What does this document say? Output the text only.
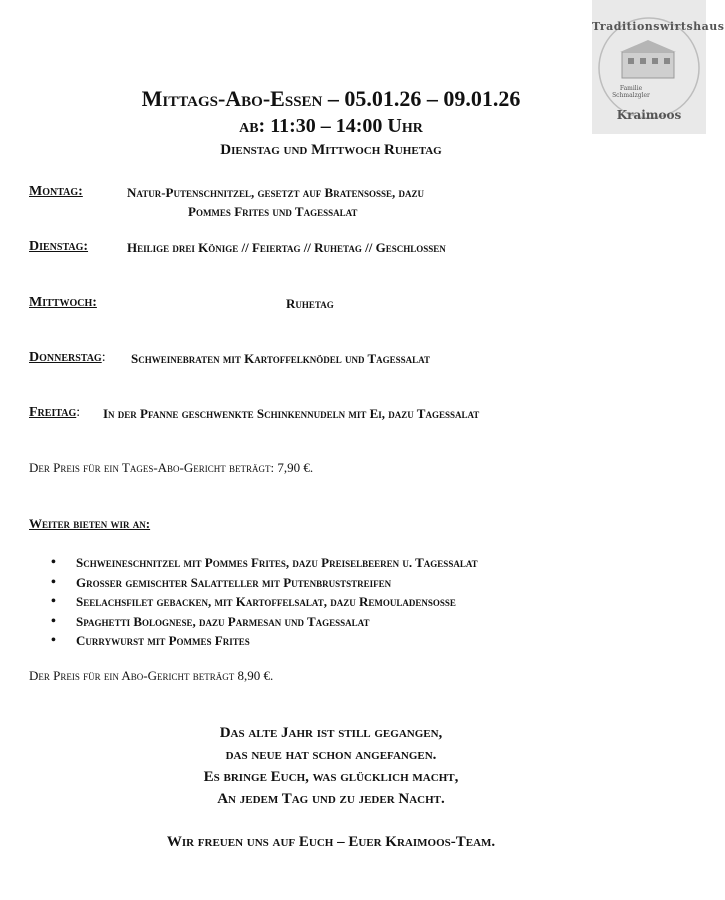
Traditionswirtshaus
Familie
Schmalzgler
Kraimoos
Mittags-Abo-Essen – 05.01.26 – 09.01.26
ab: 11:30 – 14:00 Uhr
Dienstag und Mittwoch Ruhetag
Montag:	Natur-Putenschnitzel, gesetzt auf Bratensoße, dazu
Pommes Frites und Tagessalat
Dienstag:	Heilige drei Könige // Feiertag // Ruhetag // Geschlossen
Mittwoch:	Ruhetag
Donnerstag: Schweinebraten mit Kartoffelknödel und Tagessalat
Freitag: In der Pfanne geschwenkte Schinkennudeln mit Ei, dazu Tagessalat
Der Preis für ein Tages-Abo-Gericht beträgt: 7,90 €.
Weiter bieten wir an:
• Schweineschnitzel mit Pommes Frites, dazu Preiselbeeren u. Tagessalat
• Großer gemischter Salatteller mit Putenbruststreifen
• Seelachsfilet gebacken, mit Kartoffelsalat, dazu Remouladensoße
• Spaghetti Bolognese, dazu Parmesan und Tagessalat
• Currywurst mit Pommes Frites
Der Preis für ein Abo-Gericht beträgt 8,90 €.
Das alte Jahr ist still gegangen,
das neue hat schon angefangen.
Es bringe Euch, was glücklich macht,
An jedem Tag und zu jeder Nacht.
Wir freuen uns auf Euch – Euer Kraimoos-Team.
